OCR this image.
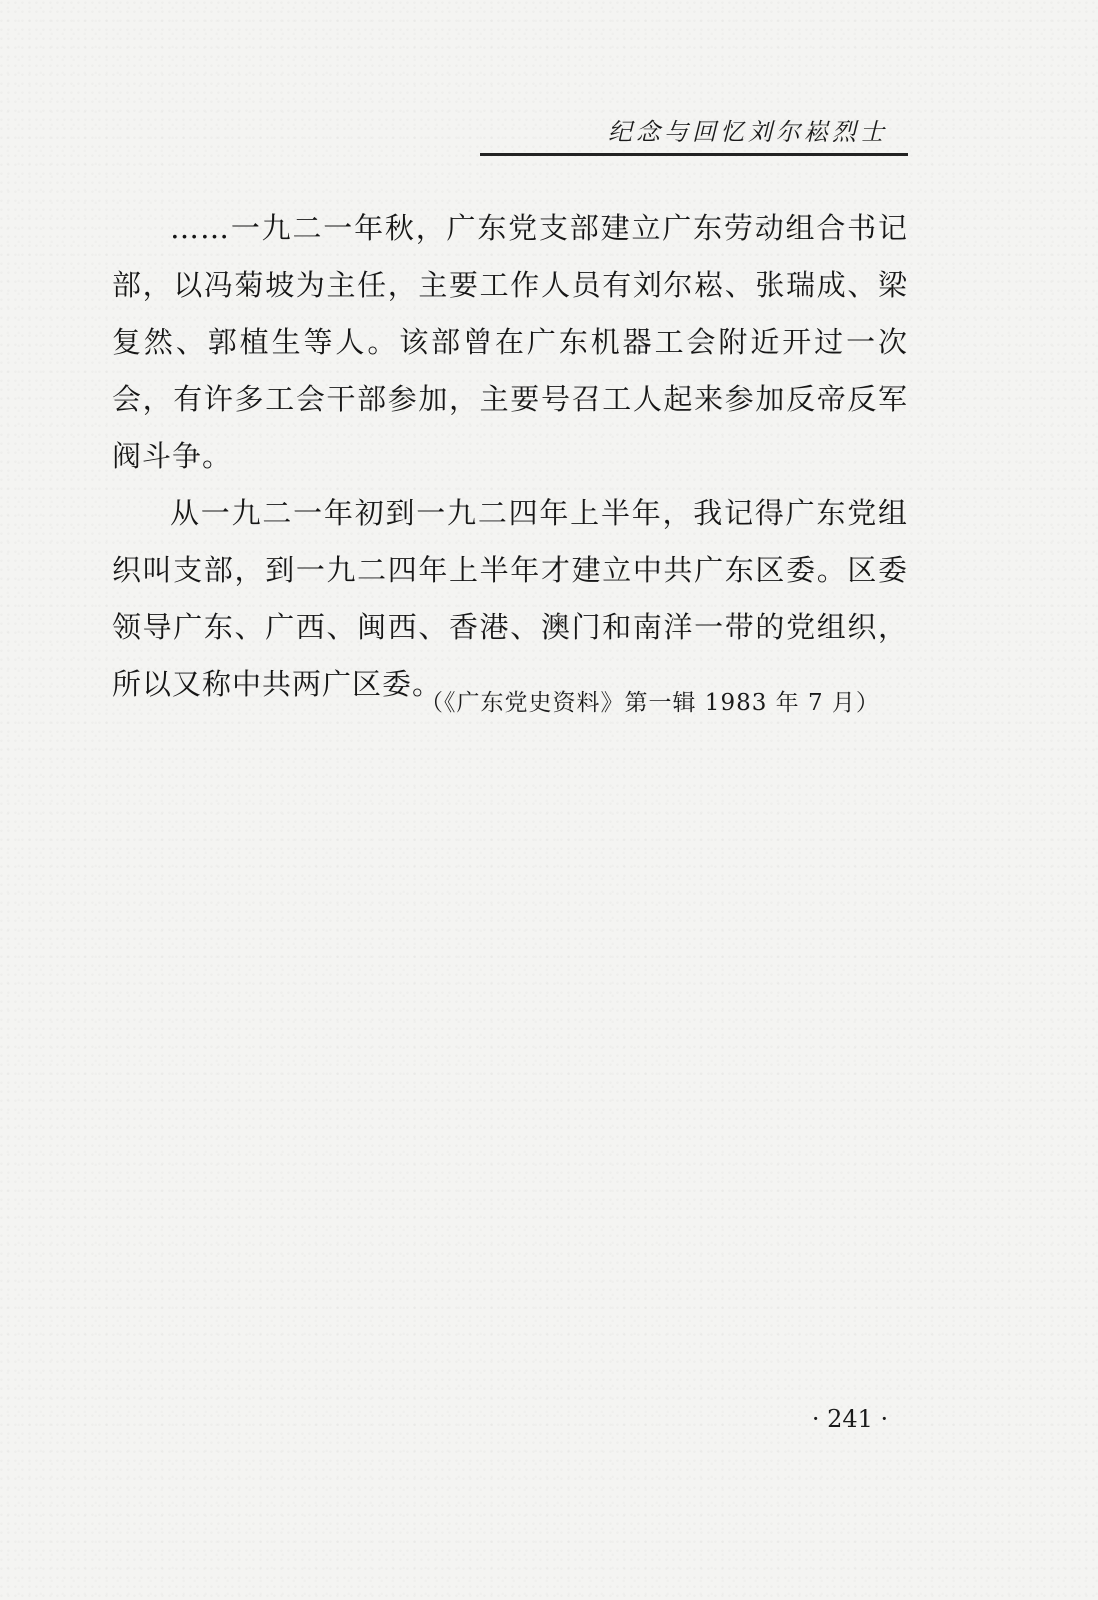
纪念与回忆刘尔崧烈士

……一九二一年秋，广东党支部建立广东劳动组合书记部，以冯菊坡为主任，主要工作人员有刘尔崧、张瑞成、梁复然、郭植生等人。该部曾在广东机器工会附近开过一次会，有许多工会干部参加，主要号召工人起来参加反帝反军阀斗争。

从一九二一年初到一九二四年上半年，我记得广东党组织叫支部，到一九二四年上半年才建立中共广东区委。区委领导广东、广西、闽西、香港、澳门和南洋一带的党组织，所以又称中共两广区委。

（《广东党史资料》第一辑 1983 年 7 月）
· 241 ·
